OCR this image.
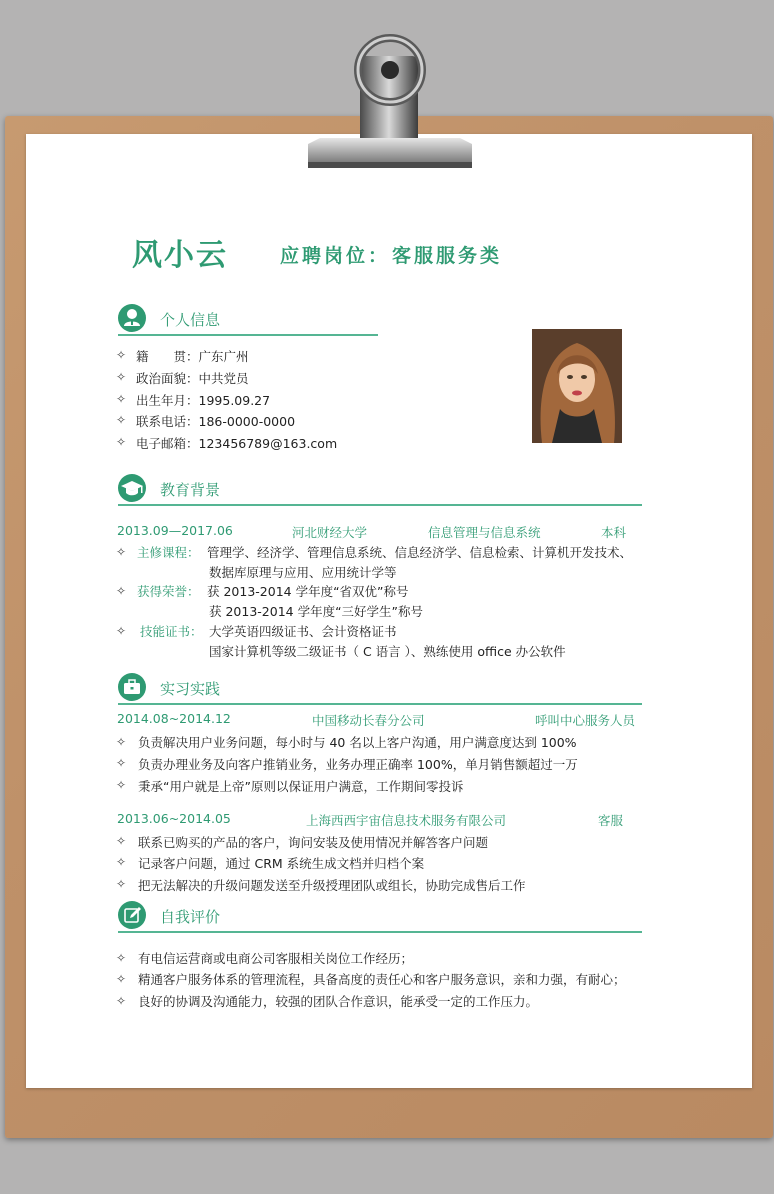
风小云	应聘岗位： 客服服务类
个人信息
✧ 籍　　贯：广东广州
✧ 政治面貌：中共党员
✧ 出生年月：1995.09.27
✧ 联系电话：186-0000-0000
✧ 电子邮箱：123456789@163.com
教育背景
2013.09—2017.06	河北财经大学	信息管理与信息系统	本科
✧ 主修课程： 管理学、经济学、管理信息系统、信息经济学、信息检索、计算机开发技术、
数据库原理与应用、应用统计学等
✧ 获得荣誉： 获 2013-2014 学年度“省双优”称号
获 2013-2014 学年度“三好学生”称号
✧ 技能证书： 大学英语四级证书、会计资格证书
国家计算机等级二级证书（ C 语言 ）、熟练使用 office 办公软件
实习实践
2014.08~2014.12	中国移动长春分公司	呼叫中心服务人员
✧ 负责解决用户业务问题，每小时与 40 名以上客户沟通，用户满意度达到 100%
✧ 负责办理业务及向客户推销业务，业务办理正确率 100%，单月销售额超过一万
✧ 秉承“用户就是上帝”原则以保证用户满意，工作期间零投诉
2013.06~2014.05	上海西西宇宙信息技术服务有限公司	客服
✧ 联系已购买的产品的客户，询问安装及使用情况并解答客户问题
✧ 记录客户问题，通过 CRM 系统生成文档并归档个案
✧ 把无法解决的升级问题发送至升级授理团队或组长，协助完成售后工作
自我评价
✧ 有电信运营商或电商公司客服相关岗位工作经历；
✧ 精通客户服务体系的管理流程，具备高度的责任心和客户服务意识，亲和力强，有耐心；
✧ 良好的协调及沟通能力，较强的团队合作意识，能承受一定的工作压力。
